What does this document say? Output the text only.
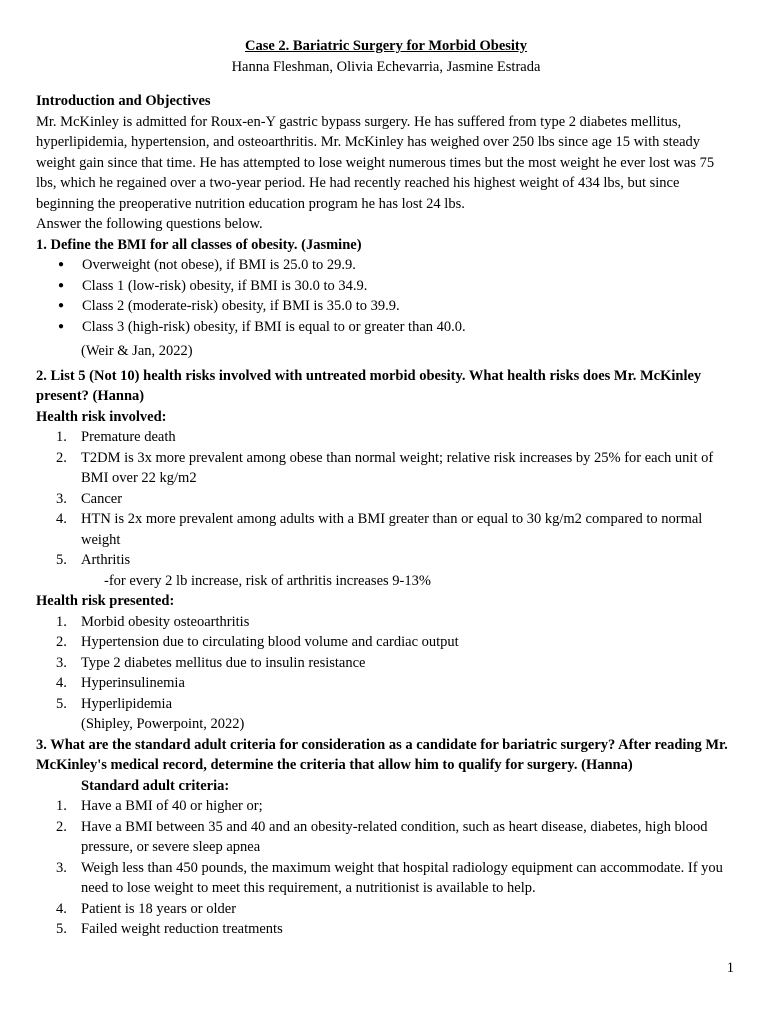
Case 2. Bariatric Surgery for Morbid Obesity
Hanna Fleshman, Olivia Echevarria, Jasmine Estrada

Introduction and Objectives

Mr. McKinley is admitted for Roux-en-Y gastric bypass surgery. He has suffered from type 2 diabetes mellitus, hyperlipidemia, hypertension, and osteoarthritis. Mr. McKinley has weighed over 250 lbs since age 15 with steady weight gain since that time. He has attempted to lose weight numerous times but the most weight he ever lost was 75 lbs, which he regained over a two-year period. He had recently reached his highest weight of 434 lbs, but since beginning the preoperative nutrition education program he has lost 24 lbs.

Answer the following questions below.

1. Define the BMI for all classes of obesity. (Jasmine)

● Overweight (not obese), if BMI is 25.0 to 29.9.
● Class 1 (low-risk) obesity, if BMI is 30.0 to 34.9.
● Class 2 (moderate-risk) obesity, if BMI is 35.0 to 39.9.
● Class 3 (high-risk) obesity, if BMI is equal to or greater than 40.0.

(Weir & Jan, 2022)

2. List 5 (Not 10) health risks involved with untreated morbid obesity. What health risks does Mr. McKinley present? (Hanna)

Health risk involved:

1. Premature death
2. T2DM is 3x more prevalent among obese than normal weight; relative risk increases by 25% for each unit of BMI over 22 kg/m2
3. Cancer
4. HTN is 2x more prevalent among adults with a BMI greater than or equal to 30 kg/m2 compared to normal weight
5. Arthritis

-for every 2 lb increase, risk of arthritis increases 9-13%

Health risk presented:

1. Morbid obesity osteoarthritis
2. Hypertension due to circulating blood volume and cardiac output
3. Type 2 diabetes mellitus due to insulin resistance
4. Hyperinsulinemia
5. Hyperlipidemia

(Shipley, Powerpoint, 2022)

3. What are the standard adult criteria for consideration as a candidate for bariatric surgery? After reading Mr. McKinley's medical record, determine the criteria that allow him to qualify for surgery. (Hanna)

Standard adult criteria:

1. Have a BMI of 40 or higher or;
2. Have a BMI between 35 and 40 and an obesity-related condition, such as heart disease, diabetes, high blood pressure, or severe sleep apnea
3. Weigh less than 450 pounds, the maximum weight that hospital radiology equipment can accommodate. If you need to lose weight to meet this requirement, a nutritionist is available to help.
4. Patient is 18 years or older
5. Failed weight reduction treatments
1
